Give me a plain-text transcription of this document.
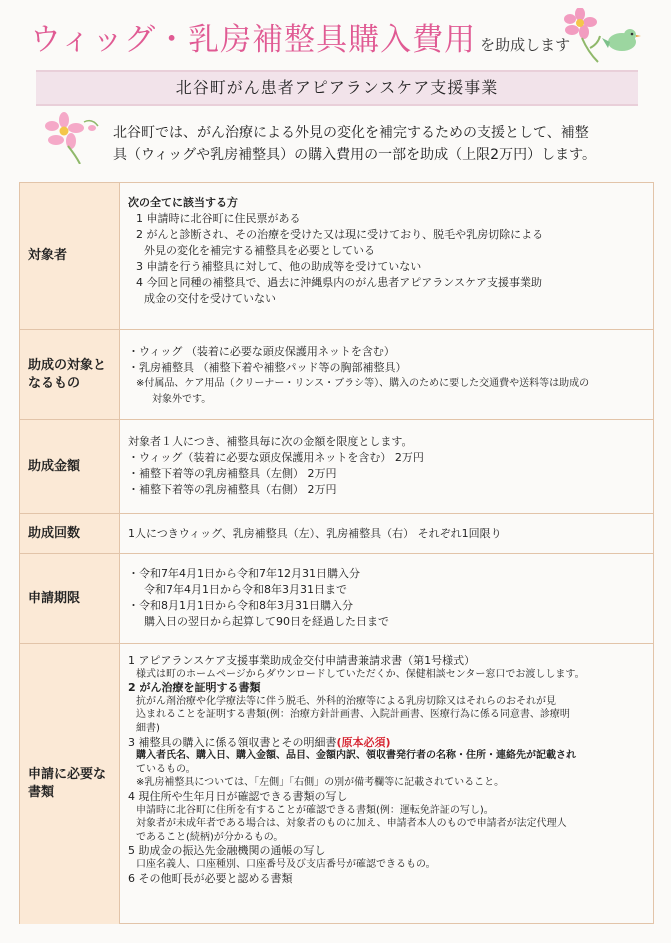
ウィッグ・乳房補整具購入費用 を助成します
北谷町がん患者アピアランスケア支援事業
北谷町では、がん治療による外見の変化を補完するための支援として、補整
具（ウィッグや乳房補整具）の購入費用の一部を助成（上限2万円）します。
対象者
次の全てに該当する方
1 申請時に北谷町に住民票がある
2 がんと診断され、その治療を受けた又は現に受けており、脱毛や乳房切除による
外見の変化を補完する補整具を必要としている
3 申請を行う補整具に対して、他の助成等を受けていない
4 今回と同種の補整具で、過去に沖縄県内のがん患者アピアランスケア支援事業助
成金の交付を受けていない
助成の対象と
なるもの
・ウィッグ （装着に必要な頭皮保護用ネットを含む）
・乳房補整具 （補整下着や補整パッド等の胸部補整具）
※付属品、ケア用品（クリーナー・リンス・ブラシ等）、購入のために要した交通費や送料等は助成の
対象外です。
助成金額
対象者１人につき、補整具毎に次の金額を限度とします。
・ウィッグ（装着に必要な頭皮保護用ネットを含む） 2万円
・補整下着等の乳房補整具（左側） 2万円
・補整下着等の乳房補整具（右側） 2万円
助成回数	1人につきウィッグ、乳房補整具（左）、乳房補整具（右） それぞれ1回限り
申請期限
・令和7年4月1日から令和7年12月31日購入分
令和7年4月1日から令和8年3月31日まで
・令和8月1月1日から令和8年3月31日購入分
購入日の翌日から起算して90日を経過した日まで
申請に必要な
書類
1 アピアランスケア支援事業助成金交付申請書兼請求書（第1号様式）
様式は町のホームページからダウンロードしていただくか、保健相談センター窓口でお渡しします。
2 がん治療を証明する書類
抗がん剤治療や化学療法等に伴う脱毛、外科的治療等による乳房切除又はそれらのおそれが見
込まれることを証明する書類(例：治療方針計画書、入院計画書、医療行為に係る同意書、診療明
細書)
3 補整具の購入に係る領収書とその明細書(原本必須)
購入者氏名、購入日、購入金額、品目、金額内訳、領収書発行者の名称・住所・連絡先が記載され
ているもの。
※乳房補整具については、「左側」「右側」の別が備考欄等に記載されていること。
4 現住所や生年月日が確認できる書類の写し
申請時に北谷町に住所を有することが確認できる書類(例：運転免許証の写し)。
対象者が未成年者である場合は、対象者のものに加え、申請者本人のもので申請者が法定代理人
であること(続柄)が分かるもの。
5 助成金の振込先金融機関の通帳の写し
口座名義人、口座種別、口座番号及び支店番号が確認できるもの。
6 その他町長が必要と認める書類
